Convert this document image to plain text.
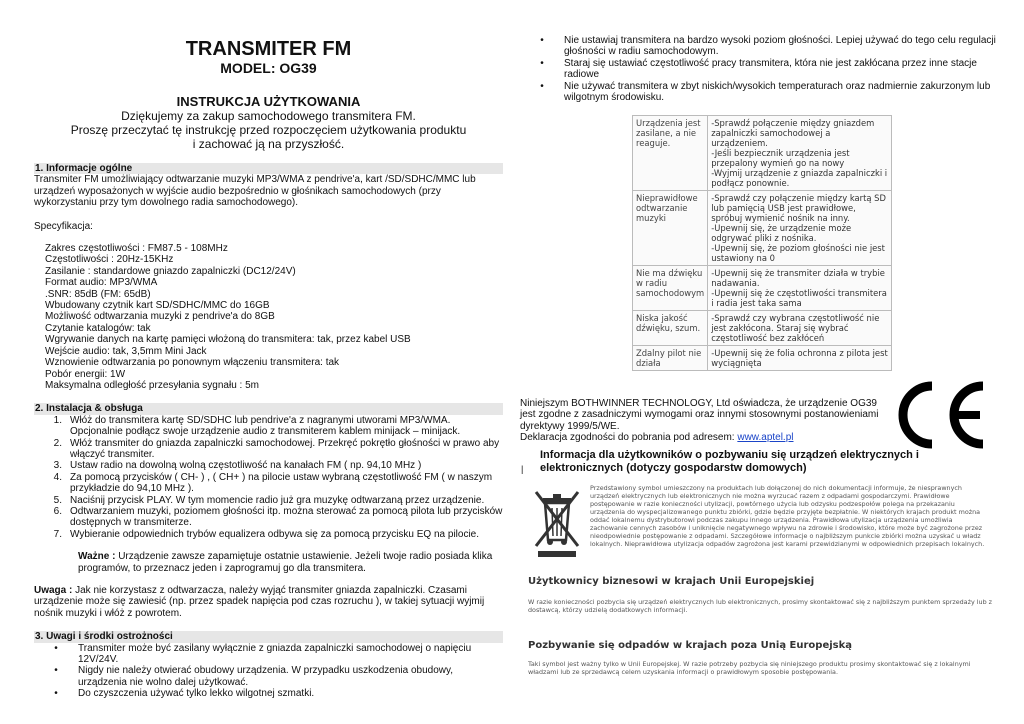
TRANSMITER FM
MODEL: OG39
INSTRUKCJA UŻYTKOWANIA
Dziękujemy za zakup samochodowego transmitera FM.
Proszę przeczytać tę instrukcję przed rozpoczęciem użytkowania produktu
i zachować ją na przyszłość.
1. Informacje ogólne
Transmiter FM umożliwiający odtwarzanie muzyki MP3/WMA z pendrive'a, kart /SD/SDHC/MMC lub urządzeń wyposażonych w wyjście audio bezpośrednio w głośnikach samochodowych (przy wykorzystaniu przy tym dowolnego radia samochodowego).
Specyfikacja:
Zakres częstotliwości : FM87.5 - 108MHz
Częstotliwości : 20Hz-15KHz
Zasilanie : standardowe gniazdo zapalniczki (DC12/24V)
Format audio: MP3/WMA
.SNR: 85dB (FM: 65dB)
Wbudowany czytnik kart SD/SDHC/MMC do 16GB
Możliwość odtwarzania muzyki z pendrive'a do 8GB
Czytanie katalogów: tak
Wgrywanie danych na kartę pamięci włożoną do transmitera: tak, przez kabel USB
Wejście audio: tak, 3,5mm Mini Jack
Wznowienie odtwarzania po ponownym włączeniu transmitera: tak
Pobór energii: 1W
Maksymalna odległość przesyłania sygnału : 5m
2. Instalacja & obsługa
1. Włóż do transmitera kartę SD/SDHC lub pendrive'a z nagranymi utworami MP3/WMA. Opcjonalnie podłącz swoje urządzenie audio z transmiterem kablem minijack – minijack.
2. Włóż transmiter do gniazda zapalniczki samochodowej. Przekręć pokrętło głośności w prawo aby włączyć transmiter.
3. Ustaw radio na dowolną wolną częstotliwość na kanałach FM ( np. 94,10 MHz )
4. Za pomocą przycisków ( CH- ) , ( CH+ ) na pilocie ustaw wybraną częstotliwość FM ( w naszym przykładzie do 94,10 MHz ).
5. Naciśnij przycisk PLAY. W tym momencie radio już gra muzykę odtwarzaną przez urządzenie.
6. Odtwarzaniem muzyki, poziomem głośności itp. można sterować za pomocą pilota lub przycisków dostępnych w transmiterze.
7. Wybieranie odpowiednich trybów equalizera odbywa się za pomocą przycisku EQ na pilocie.
Ważne : Urządzenie zawsze zapamiętuje ostatnie ustawienie. Jeżeli twoje radio posiada klika programów, to przeznacz jeden i zaprogramuj go dla transmitera.
Uwaga : Jak nie korzystasz z odtwarzacza, należy wyjąć transmiter gniazda zapalniczki. Czasami urządzenie może się zawiesić (np. przez spadek napięcia pod czas rozruchu ), w takiej sytuacji wyjmij nośnik muzyki i włóż z powrotem.
3. Uwagi i środki ostrożności
•	Transmiter może być zasilany wyłącznie z gniazda zapalniczki samochodowej o napięciu 12V/24V.
•	Nigdy nie należy otwierać obudowy urządzenia. W przypadku uszkodzenia obudowy, urządzenia nie wolno dalej użytkować.
•	Do czyszczenia używać tylko lekko wilgotnej szmatki.
•	Nie ustawiaj transmitera na bardzo wysoki poziom głośności. Lepiej używać do tego celu regulacji głośności w radiu samochodowym.
•	Staraj się ustawiać częstotliwość pracy transmitera, która nie jest zakłócana przez inne stacje radiowe
•	Nie używać transmitera w zbyt niskich/wysokich temperaturach oraz nadmiernie zakurzonym lub wilgotnym środowisku.
Urządzenia jest zasilane, a nie reaguje.	-Sprawdź połączenie między gniazdem zapalniczki samochodowej a urządzeniem.
-Jeśli bezpiecznik urządzenia jest przepalony wymień go na nowy
-Wyjmij urządzenie z gniazda zapalniczki i podłącz ponownie.
Nieprawidłowe odtwarzanie muzyki	-Sprawdź czy połączenie między kartą SD lub pamięcią USB jest prawidłowe, spróbuj wymienić nośnik na inny.
-Upewnij się, że urządzenie może odgrywać pliki z nośnika.
-Upewnij się, że poziom głośności nie jest ustawiony na 0
Nie ma dźwięku w radiu samochodowym	-Upewnij się że transmiter działa w trybie nadawania.
-Upewnij się że częstotliwości transmitera i radia jest taka sama
Niska jakość dźwięku, szum.	-Sprawdź czy wybrana częstotliwość nie jest zakłócona. Staraj się wybrać częstotliwość bez zakłóceń
Zdalny pilot nie działa	-Upewnij się że folia ochronna z pilota jest wyciągnięta
Niniejszym BOTHWINNER TECHNOLOGY, Ltd oświadcza, że urządzenie OG39
jest zgodne z zasadniczymi wymogami oraz innymi stosownymi postanowieniami dyrektywy 1999/5/WE.
Deklaracja zgodności do pobrania pod adresem: www.aptel.pl
Informacja dla użytkowników o pozbywaniu się urządzeń elektrycznych i elektronicznych (dotyczy gospodarstw domowych)
|
Przedstawiony symbol umieszczony na produktach lub dołączonej do nich dokumentacji informuje, że niesprawnych urządzeń elektrycznych lub elektronicznych nie można wyrzucać razem z odpadami gospodarczymi. Prawidłowe postępowanie w razie konieczności utylizacji, powtórnego użycia lub odzysku podzespołów polega na przekazaniu urządzenia do wyspecjalizowanego punktu zbiórki, gdzie będzie przyjęte bezpłatnie. W niektórych krajach produkt można oddać lokalnemu dystrybutorowi podczas zakupu innego urządzenia. Prawidłowa utylizacja urządzenia umożliwia zachowanie cennych zasobów i uniknięcie negatywnego wpływu na zdrowie i środowisko, które może być zagrożone przez nieodpowiednie postępowanie z odpadami. Szczegółowe informacje o najbliższym punkcie zbiórki można uzyskać u władz lokalnych. Nieprawidłowa utylizacja odpadów zagrożona jest karami przewidzianymi w odpowiednich przepisach lokalnych.
Użytkownicy biznesowi w krajach Unii Europejskiej
W razie konieczności pozbycia się urządzeń elektrycznych lub elektronicznych, prosimy skontaktować się z najbliższym punktem sprzedaży lub z dostawcą, którzy udzielą dodatkowych informacji.
Pozbywanie się odpadów w krajach poza Unią Europejską
Taki symbol jest ważny tylko w Unii Europejskej. W razie potrzeby pozbycia się niniejszego produktu prosimy skontaktować się z lokalnymi władzami lub ze sprzedawcą celem uzyskania informacji o prawidłowym sposobie postępowania.
